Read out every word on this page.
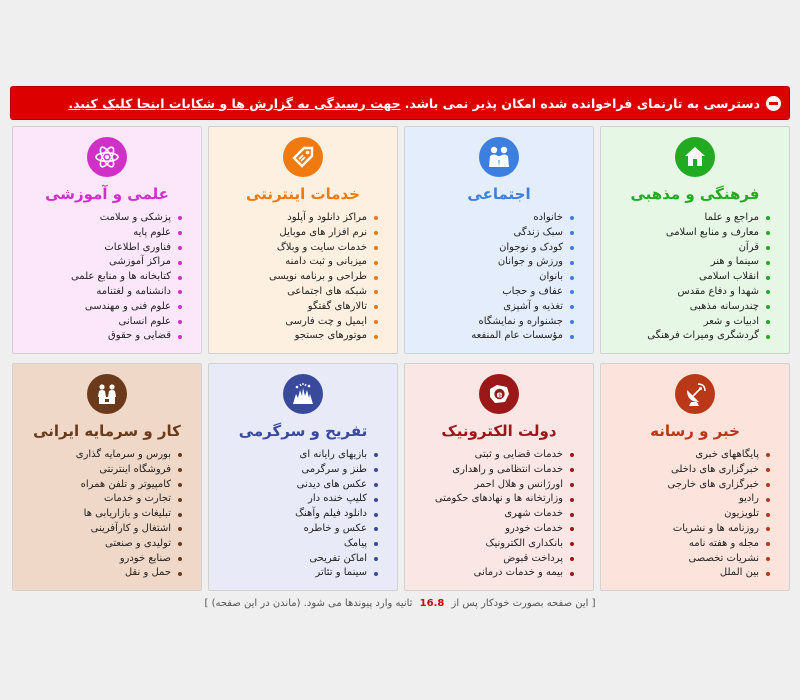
دسترسی به تارنمای فراخوانده شده امکان پذیر نمی باشد.
جهت رسیدگی به گزارش ها و شکایات اینجا کلیک کنید.
فرهنگی و مذهبی
مراجع و علما
معارف و منابع اسلامی
قرآن
سینما و هنر
انقلاب اسلامی
شهدا و دفاع مقدس
چندرسانه مذهبی
ادبیات و شعر
گردشگری ومیراث فرهنگی
اجتماعی
خانواده
سبک زندگی
کودک و نوجوان
ورزش و جوانان
بانوان
عفاف و حجاب
تغذیه و آشپزی
جشنواره و نمایشگاه
مؤسسات عام المنفعه
خدمات اینترنتی
مراکز دانلود و آپلود
نرم افزار های موبایل
خدمات سایت و وبلاگ
میزبانی و ثبت دامنه
طراحی و برنامه نویسی
شبکه های اجتماعی
تالارهای گفتگو
ایمیل و چت فارسی
موتورهای جستجو
علمی و آموزشی
پزشکی و سلامت
علوم پایه
فناوری اطلاعات
مراکز آموزشی
کتابخانه ها و منابع علمی
دانشنامه و لغتنامه
علوم فنی و مهندسی
علوم انسانی
قضایی و حقوق
خبر و رسانه
پایگاههای خبری
خبرگزاری های داخلی
خبرگزاری های خارجی
رادیو
تلویزیون
روزنامه ها و نشریات
مجله و هفته نامه
نشریات تخصصی
بین الملل
e
دولت الکترونیک
خدمات قضایی و ثبتی
خدمات انتظامی و راهداری
اورژانس و هلال احمر
وزارتخانه ها و نهادهای حکومتی
خدمات شهری
خدمات خودرو
بانکداری الکترونیک
پرداخت قبوض
بیمه و خدمات درمانی
تفریح و سرگرمی
بازیهای رایانه ای
طنز و سرگرمی
عکس های دیدنی
کلیپ خنده دار
دانلود فیلم وآهنگ
عکس و خاطره
پیامک
اماکن تفریحی
سینما و تئاتر
کار و سرمایه ایرانی
بورس و سرمایه گذاری
فروشگاه اینترنتی
کامپیوتر و تلفن همراه
تجارت و خدمات
تبلیغات و بازاریابی ها
اشتغال و کارآفرینی
تولیدی و صنعتی
صنایع خودرو
حمل و نقل
[ این صفحه بصورت خودکار پس از 16.8 ثانیه وارد پیوندها می شود. (ماندن در این صفحه) ]
